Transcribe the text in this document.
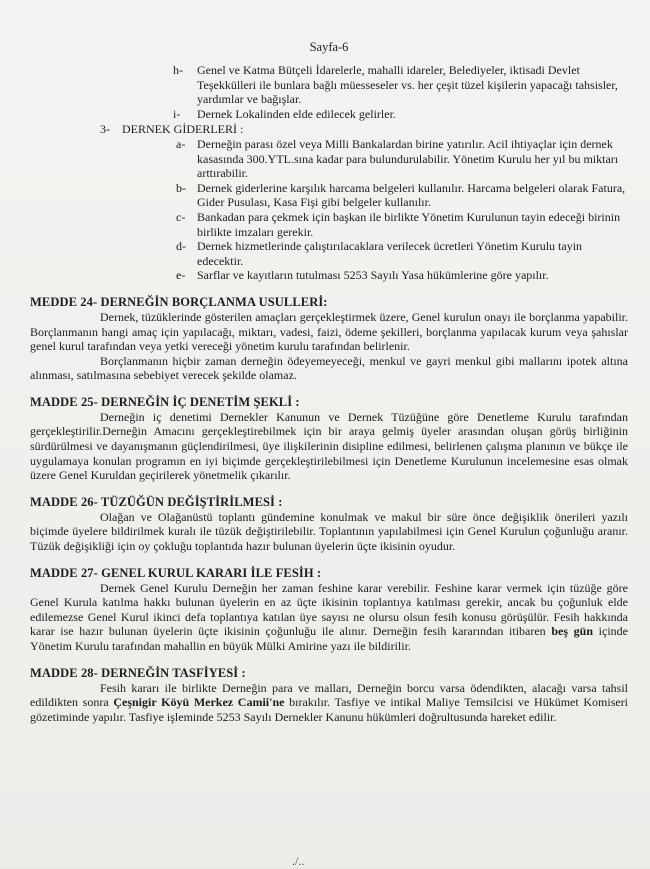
Sayfa-6
h- Genel ve Katma Bütçeli İdarelerle, mahalli idareler, Belediyeler, iktisadi Devlet Teşekkülleri ile bunlara bağlı müesseseler vs. her çeşit tüzel kişilerin yapacağı tahsisler, yardımlar ve bağışlar.
i- Dernek Lokalinden elde edilecek gelirler.
3- DERNEK GİDERLERİ :
a- Derneğin parası özel veya Milli Bankalardan birine yatırılır. Acil ihtiyaçlar için dernek kasasında 300.YTL.sına kadar para bulundurulabilir. Yönetim Kurulu her yıl bu miktarı arttırabilir.
b- Dernek giderlerine karşılık harcama belgeleri kullanılır. Harcama belgeleri olarak Fatura, Gider Pusulası, Kasa Fişi gibi belgeler kullanılır.
c- Bankadan para çekmek için başkan ile birlikte Yönetim Kurulunun tayin edeceği birinin birlikte imzaları gerekir.
d- Dernek hizmetlerinde çalıştırılacaklara verilecek ücretleri Yönetim Kurulu tayin edecektir.
e- Sarflar ve kayıtların tutulması 5253 Sayılı Yasa hükümlerine göre yapılır.
MEDDE 24- DERNEĞİN BORÇLANMA USULLERİ:
Dernek, tüzüklerinde gösterilen amaçları gerçekleştirmek üzere, Genel kurulun onayı ile borçlanma yapabilir. Borçlanmanın hangi amaç için yapılacağı, miktarı, vadesi, faizi, ödeme şekilleri, borçlanma yapılacak kurum veya şahıslar genel kurul tarafından veya yetki vereceği yönetim kurulu tarafından belirlenir.
Borçlanmanın hiçbir zaman derneğin ödeyemeyeceği, menkul ve gayri menkul gibi mallarını ipotek altına alınması, satılmasına sebebiyet verecek şekilde olamaz.
MADDE 25- DERNEĞİN İÇ DENETİM ŞEKLİ :
Derneğin iç denetimi Dernekler Kanunun ve Dernek Tüzüğüne göre Denetleme Kurulu tarafından gerçekleştirilir.Derneğin Amacını gerçekleştirebilmek için bir araya gelmiş üyeler arasından oluşan görüş birliğinin sürdürülmesi ve dayanışmanın güçlendirilmesi, üye ilişkilerinin disipline edilmesi, belirlenen çalışma planının ve bükçe ile uygulamaya konulan programın en iyi biçimde gerçekleştirilebilmesi için Denetleme Kurulunun incelemesine esas olmak üzere Genel Kuruldan geçirilerek yönetmelik çıkarılır.
MADDE 26- TÜZÜĞÜN DEĞİŞTİRİLMESİ :
Olağan ve Olağanüstü toplantı gündemine konulmak ve makul bir süre önce değişiklik önerileri yazılı biçimde üyelere bildirilmek kuralı ile tüzük değiştirilebilir. Toplantının yapılabilmesi için Genel Kurulun çoğunluğu aranır. Tüzük değişikliği için oy çokluğu toplantıda hazır bulunan üyelerin üçte ikisinin oyudur.
MADDE 27- GENEL KURUL KARARI İLE FESİH :
Dernek Genel Kurulu Derneğin her zaman feshine karar verebilir. Feshine karar vermek için tüzüğe göre Genel Kurula katılma hakkı bulunan üyelerin en az üçte ikisinin toplantıya katılması gerekir, ancak bu çoğunluk elde edilemezse Genel Kurul ikinci defa toplantıya katılan üye sayısı ne olursu olsun fesih konusu görüşülür. Fesih hakkında karar ise hazır bulunan üyelerin üçte ikisinin çoğunluğu ile alınır. Derneğin fesih kararından itibaren beş gün içinde Yönetim Kurulu tarafından mahallin en büyük Mülki Amirine yazı ile bildirilir.
MADDE 28- DERNEĞİN TASFİYESİ :
Fesih kararı ile birlikte Derneğin para ve malları, Derneğin borcu varsa ödendikten, alacağı varsa tahsil edildikten sonra Çeşnigir Köyü Merkez Camii'ne bırakılır. Tasfiye ve intikal Maliye Temsilcisi ve Hükümet Komiseri gözetiminde yapılır. Tasfiye işleminde 5253 Sayılı Dernekler Kanunu hükümleri doğrultusunda hareket edilir.
./..
